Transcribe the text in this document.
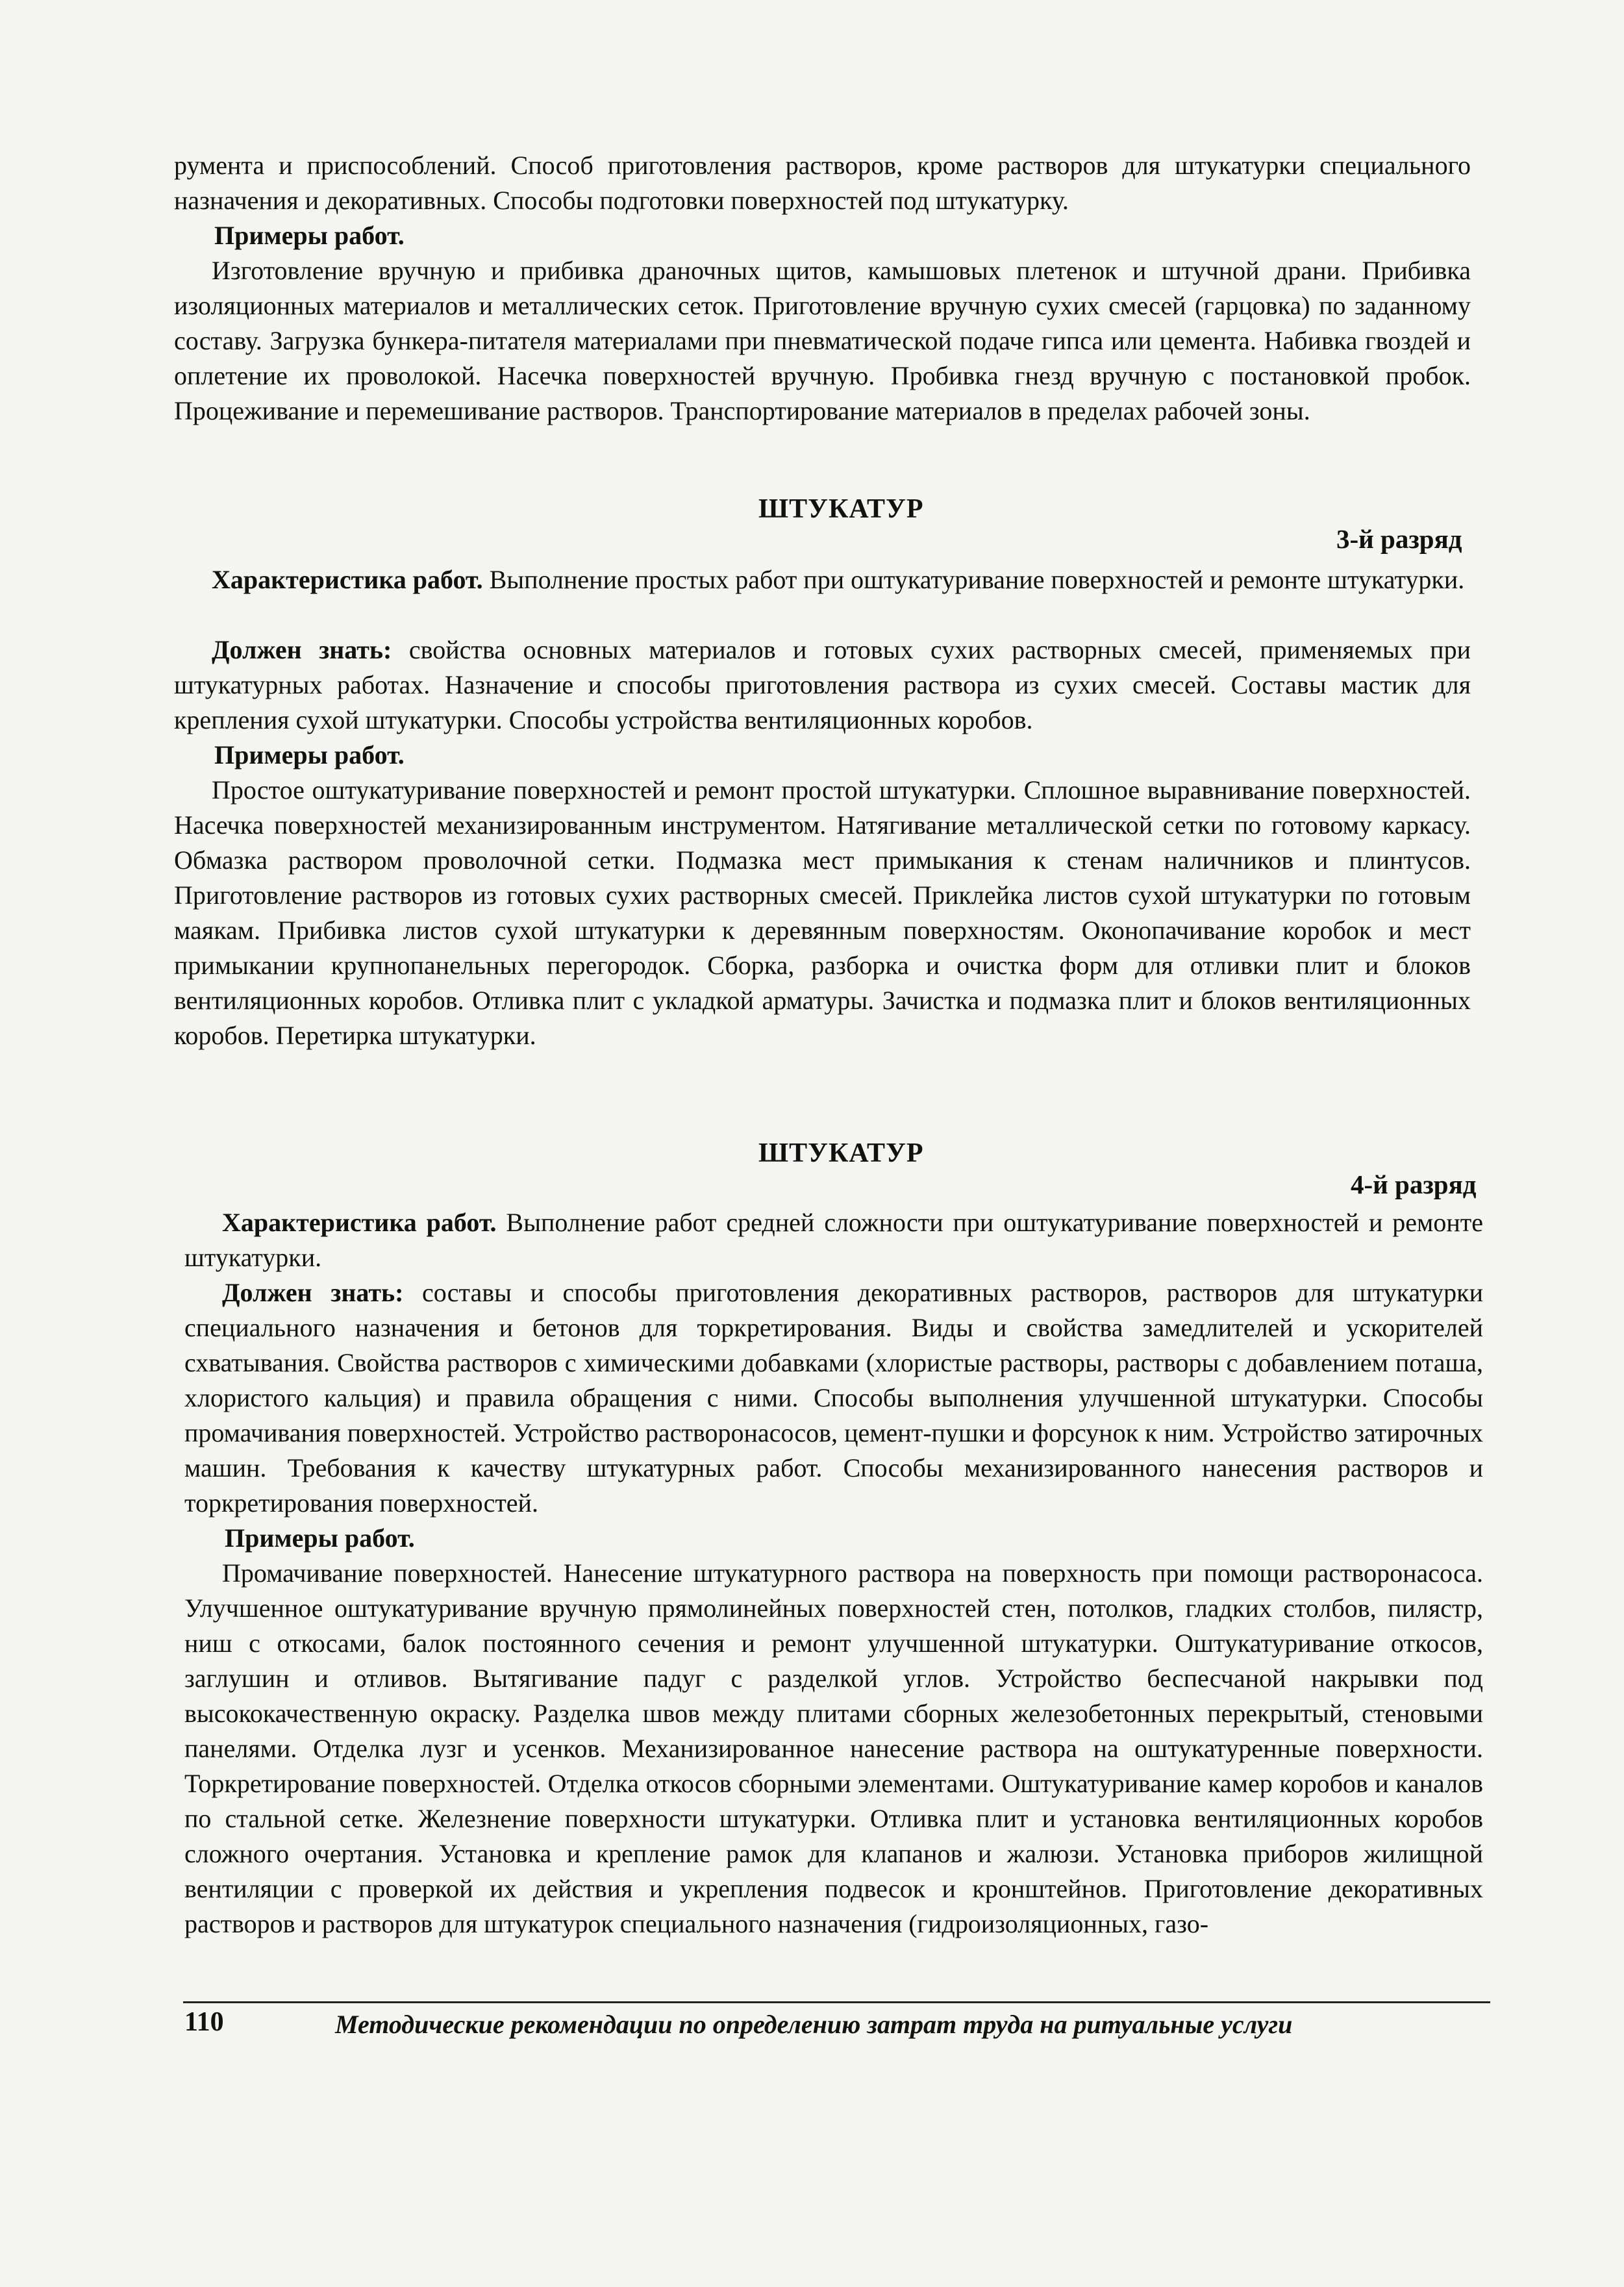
румента и приспособлений. Способ приготовления растворов, кроме растворов для штукатурки специального назначения и декоративных. Способы подготовки поверхностей под штукатурку.
Примеры работ.
Изготовление вручную и прибивка драночных щитов, камышовых плетенок и штучной драни. Прибивка изоляционных материалов и металлических сеток. Приготовление вручную сухих смесей (гарцовка) по заданному составу. Загрузка бункера-питателя материалами при пневматической подаче гипса или цемента. Набивка гвоздей и оплетение их проволокой. Насечка поверхностей вручную. Пробивка гнезд вручную с постановкой пробок. Процеживание и перемешивание растворов. Транспортирование материалов в пределах рабочей зоны.
ШТУКАТУР
3-й разряд
Характеристика работ. Выполнение простых работ при оштукатуривание поверхностей и ремонте штукатурки.
Должен знать: свойства основных материалов и готовых сухих растворных смесей, применяемых при штукатурных работах. Назначение и способы приготовления раствора из сухих смесей. Составы мастик для крепления сухой штукатурки. Способы устройства вентиляционных коробов.
Примеры работ.
Простое оштукатуривание поверхностей и ремонт простой штукатурки. Сплошное выравнивание поверхностей. Насечка поверхностей механизированным инструментом. Натягивание металлической сетки по готовому каркасу. Обмазка раствором проволочной сетки. Подмазка мест примыкания к стенам наличников и плинтусов. Приготовление растворов из готовых сухих растворных смесей. Приклейка листов сухой штукатурки по готовым маякам. Прибивка листов сухой штукатурки к деревянным поверхностям. Оконопачивание коробок и мест примыкании крупнопанельных перегородок. Сборка, разборка и очистка форм для отливки плит и блоков вентиляционных коробов. Отливка плит с укладкой арматуры. Зачистка и подмазка плит и блоков вентиляционных коробов. Перетирка штукатурки.
ШТУКАТУР
4-й разряд
Характеристика работ. Выполнение работ средней сложности при оштукатуривание поверхностей и ремонте штукатурки.
Должен знать: составы и способы приготовления декоративных растворов, растворов для штукатурки специального назначения и бетонов для торкретирования. Виды и свойства замедлителей и ускорителей схватывания. Свойства растворов с химическими добавками (хлористые растворы, растворы с добавлением поташа, хлористого кальция) и правила обращения с ними. Способы выполнения улучшенной штукатурки. Способы промачивания поверхностей. Устройство растворонасосов, цемент-пушки и форсунок к ним. Устройство затирочных машин. Требования к качеству штукатурных работ. Способы механизированного нанесения растворов и торкретирования поверхностей.
Примеры работ.
Промачивание поверхностей. Нанесение штукатурного раствора на поверхность при помощи растворонасоса. Улучшенное оштукатуривание вручную прямолинейных поверхностей стен, потолков, гладких столбов, пилястр, ниш с откосами, балок постоянного сечения и ремонт улучшенной штукатурки. Оштукатуривание откосов, заглушин и отливов. Вытягивание падуг с разделкой углов. Устройство беспесчаной накрывки под высококачественную окраску. Разделка швов между плитами сборных железобетонных перекрытый, стеновыми панелями. Отделка лузг и усенков. Механизированное нанесение раствора на оштукатуренные поверхности. Торкретирование поверхностей. Отделка откосов сборными элементами. Оштукатуривание камер коробов и каналов по стальной сетке. Железнение поверхности штукатурки. Отливка плит и установка вентиляционных коробов сложного очертания. Установка и крепление рамок для клапанов и жалюзи. Установка приборов жилищной вентиляции с проверкой их действия и укрепления подвесок и кронштейнов. Приготовление декоративных растворов и растворов для штукатурок специального назначения (гидроизоляционных, газо-
110	Методические рекомендации по определению затрат труда на ритуальные услуги
